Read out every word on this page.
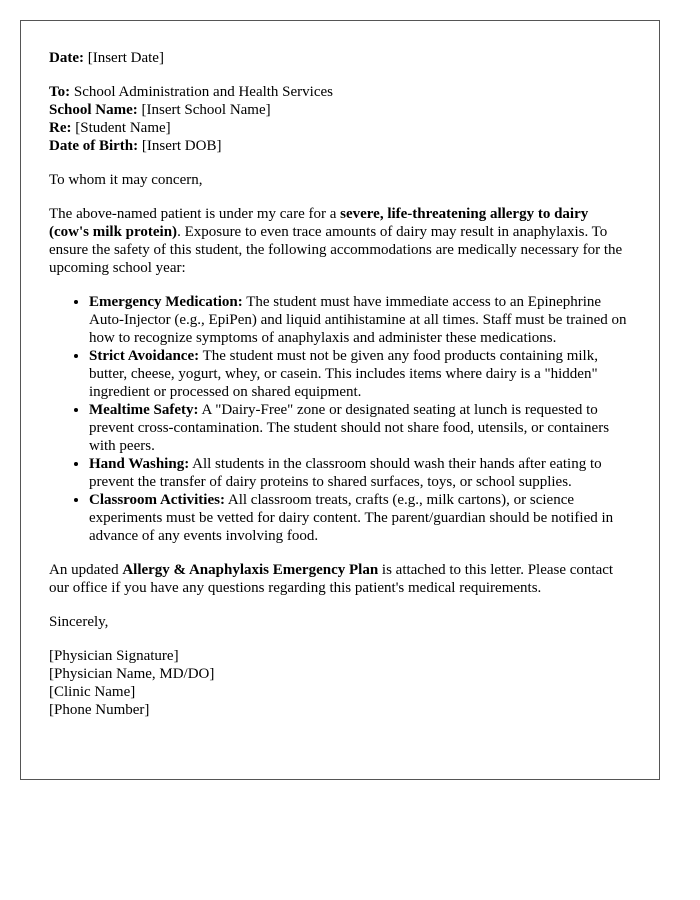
Date: [Insert Date]

To: School Administration and Health Services

School Name: [Insert School Name]

Re: [Student Name]

Date of Birth: [Insert DOB]

To whom it may concern,

The above-named patient is under my care for a severe, life-threatening allergy to dairy (cow's milk protein). Exposure to even trace amounts of dairy may result in anaphylaxis. To ensure the safety of this student, the following accommodations are medically necessary for the upcoming school year:

• Emergency Medication: The student must have immediate access to an Epinephrine Auto-Injector (e.g., EpiPen) and liquid antihistamine at all times. Staff must be trained on how to recognize symptoms of anaphylaxis and administer these medications.
• Strict Avoidance: The student must not be given any food products containing milk, butter, cheese, yogurt, whey, or casein. This includes items where dairy is a "hidden" ingredient or processed on shared equipment.
• Mealtime Safety: A "Dairy-Free" zone or designated seating at lunch is requested to prevent cross-contamination. The student should not share food, utensils, or containers with peers.
• Hand Washing: All students in the classroom should wash their hands after eating to prevent the transfer of dairy proteins to shared surfaces, toys, or school supplies.
• Classroom Activities: All classroom treats, crafts (e.g., milk cartons), or science experiments must be vetted for dairy content. The parent/guardian should be notified in advance of any events involving food.

An updated Allergy & Anaphylaxis Emergency Plan is attached to this letter. Please contact our office if you have any questions regarding this patient's medical requirements.

Sincerely,

[Physician Signature]

[Physician Name, MD/DO]

[Clinic Name]

[Phone Number]
